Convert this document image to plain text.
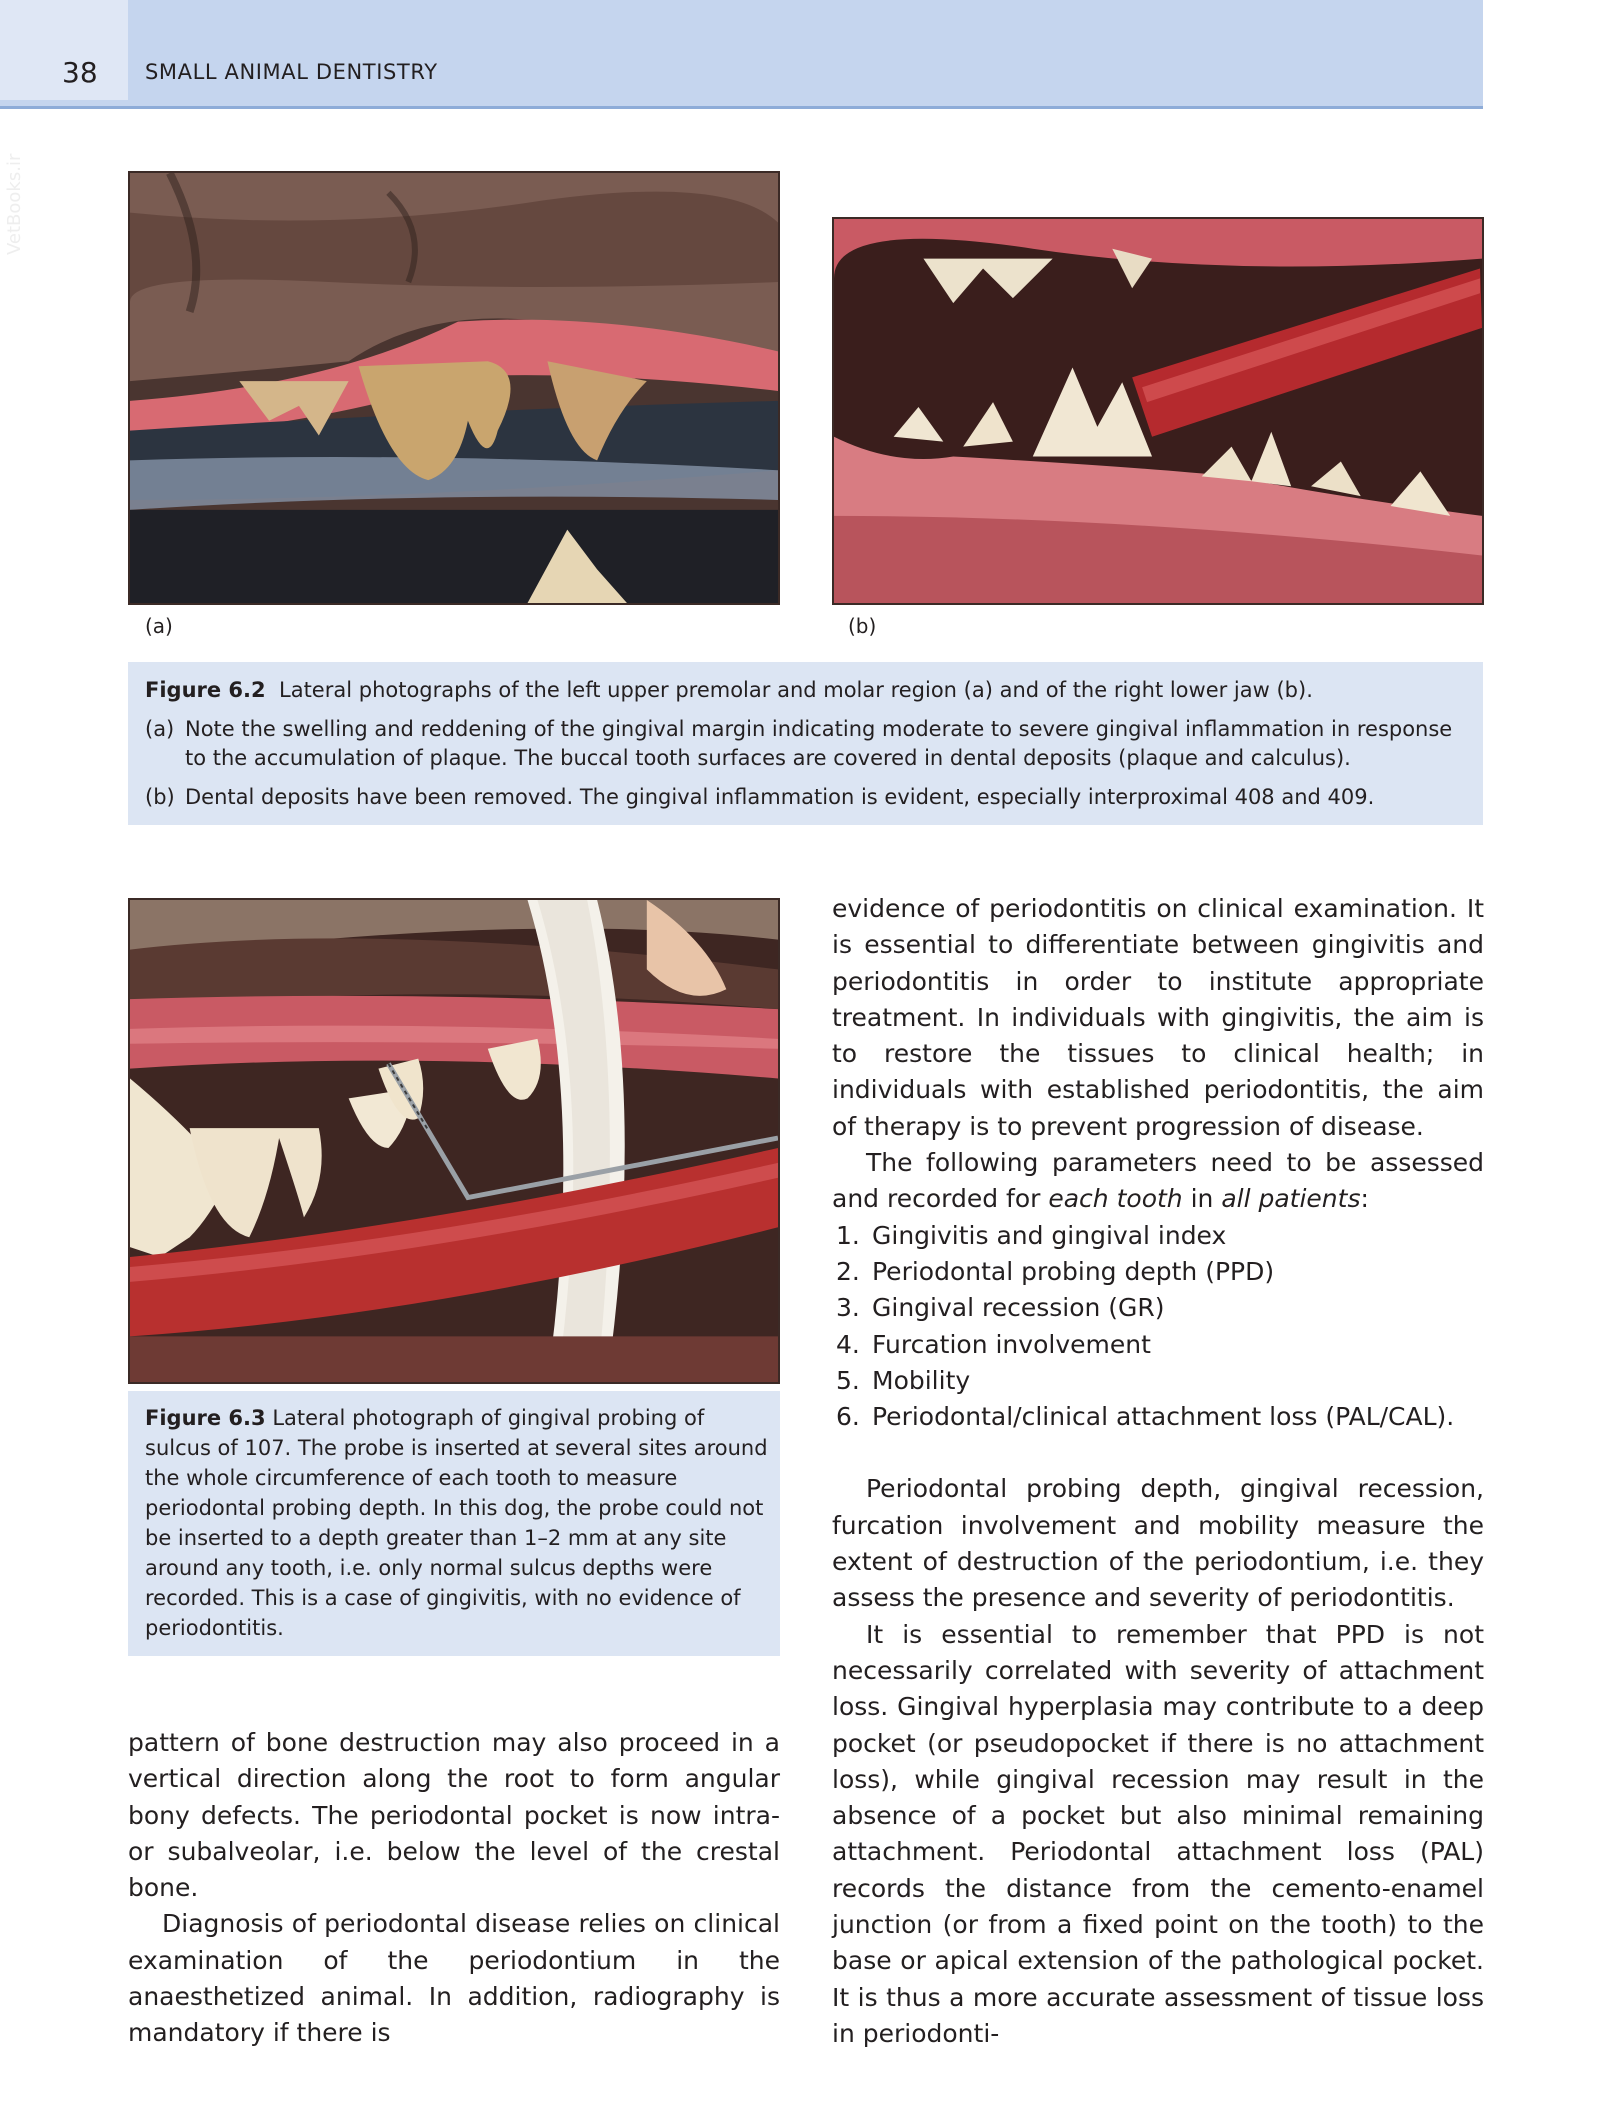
38 SMALL ANIMAL DENTISTRY
VetBooks.ir
(a)	(b)
Figure 6.2 Lateral photographs of the left upper premolar and molar region (a) and of the right lower jaw (b).
(a) Note the swelling and reddening of the gingival margin indicating moderate to severe gingival inflammation in response
to the accumulation of plaque. The buccal tooth surfaces are covered in dental deposits (plaque and calculus).
(b) Dental deposits have been removed. The gingival inflammation is evident, especially interproximal 408 and 409.
Figure 6.3 Lateral photograph of gingival probing of sulcus of 107. The probe is inserted at several sites around the whole circumference of each tooth to measure periodontal probing depth. In this dog, the probe could not be inserted to a depth greater than 1–2 mm at any site around any tooth, i.e. only normal sulcus depths were recorded. This is a case of gingivitis, with no evidence of periodontitis.

pattern of bone destruction may also proceed in a vertical direction along the root to form angular bony defects. The periodontal pocket is now intra- or subalveolar, i.e. below the level of the crestal bone.

Diagnosis of periodontal disease relies on clinical examination of the periodontium in the anaesthetized animal. In addition, radiography is mandatory if there is

evidence of periodontitis on clinical examination. It is essential to differentiate between gingivitis and periodontitis in order to institute appropriate treatment. In individuals with gingivitis, the aim is to restore the tissues to clinical health; in individuals with established periodontitis, the aim of therapy is to prevent progression of disease.

The following parameters need to be assessed and recorded for each tooth in all patients:

1. Gingivitis and gingival index
2. Periodontal probing depth (PPD)
3. Gingival recession (GR)
4. Furcation involvement
5. Mobility
6. Periodontal/clinical attachment loss (PAL/CAL).

Periodontal probing depth, gingival recession, furcation involvement and mobility measure the extent of destruction of the periodontium, i.e. they assess the presence and severity of periodontitis.

It is essential to remember that PPD is not necessarily correlated with severity of attachment loss. Gingival hyperplasia may contribute to a deep pocket (or pseudopocket if there is no attachment loss), while gingival recession may result in the absence of a pocket but also minimal remaining attachment. Periodontal attachment loss (PAL) records the distance from the cemento-enamel junction (or from a fixed point on the tooth) to the base or apical extension of the pathological pocket. It is thus a more accurate assessment of tissue loss in periodonti-
